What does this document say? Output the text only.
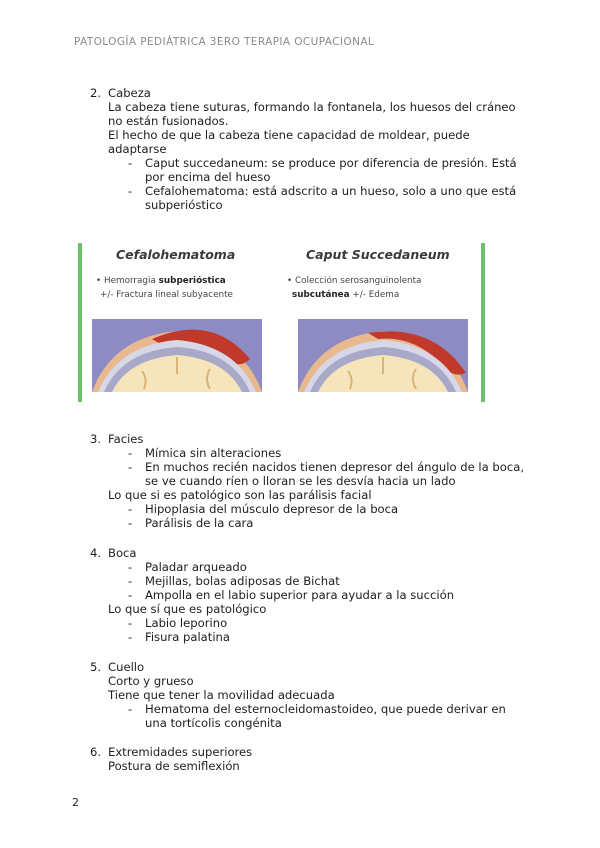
PATOLOGÍA PEDIÁTRICA 3ERO TERAPIA OCUPACIONAL
2. Cabeza
La cabeza tiene suturas, formando la fontanela, los huesos del cráneo
no están fusionados.
El hecho de que la cabeza tiene capacidad de moldear, puede
adaptarse
- Caput succedaneum: se produce por diferencia de presión. Está
por encima del hueso
- Cefalohematoma: está adscrito a un hueso, solo a uno que está
subperióstico
Cefalohematoma
• Hemorragia subperióstica
+/- Fractura lineal subyacente
Caput Succedaneum
• Colección serosanguinolenta
subcutánea +/- Edema
3. Facies
- Mímica sin alteraciones
- En muchos recién nacidos tienen depresor del ángulo de la boca,
se ve cuando ríen o lloran se les desvía hacia un lado
Lo que si es patológico son las parálisis facial
- Hipoplasia del músculo depresor de la boca
- Parálisis de la cara
4. Boca
- Paladar arqueado
- Mejillas, bolas adiposas de Bichat
- Ampolla en el labio superior para ayudar a la succión
Lo que sí que es patológico
- Labio leporino
- Fisura palatina
5. Cuello
Corto y grueso
Tiene que tener la movilidad adecuada
- Hematoma del esternocleidomastoideo, que puede derivar en
una tortícolis congénita
6. Extremidades superiores
Postura de semiflexión
2
